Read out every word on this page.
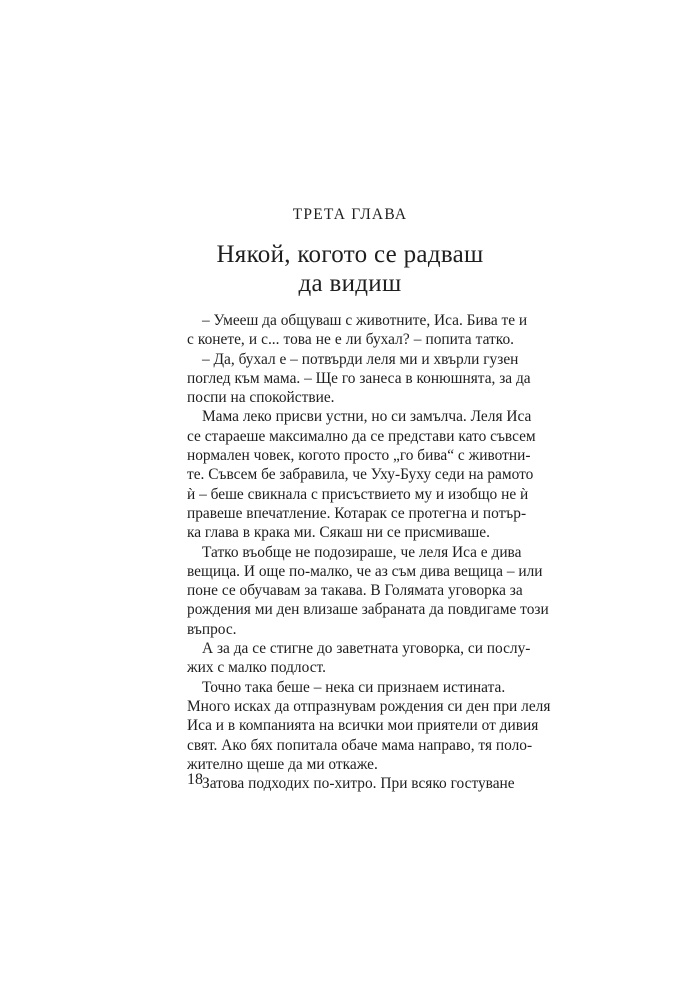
ТРЕТА ГЛАВА
Някой, когото се радваш
да видиш
– Умееш да общуваш с животните, Иса. Бива те и
с конете, и с... това не е ли бухал? – попита татко.
– Да, бухал е – потвърди леля ми и хвърли гузен
поглед към мама. – Ще го занеса в конюшнята, за да
поспи на спокойствие.
Мама леко присви устни, но си замълча. Леля Иса
се стараеше максимално да се представи като съвсем
нормален човек, когото просто „го бива“ с животни-
те. Съвсем бе забравила, че Уху-Буху седи на рамото
ѝ – беше свикнала с присъствието му и изобщо не ѝ
правеше впечатление. Котарак се протегна и потър-
ка глава в крака ми. Сякаш ни се присмиваше.
Татко въобще не подозираше, че леля Иса е дива
вещица. И още по-малко, че аз съм дива вещица – или
поне се обучавам за такава. В Голямата уговорка за
рождения ми ден влизаше забраната да повдигаме този
въпрос.
А за да се стигне до заветната уговорка, си послу-
жих с малко подлост.
Точно така беше – нека си признаем истината.
Много исках да отпразнувам рождения си ден при леля
Иса и в компанията на всички мои приятели от дивия
свят. Ако бях попитала обаче мама направо, тя поло-
жително щеше да ми откаже.
Затова подходих по-хитро. При всяко гостуване
18
